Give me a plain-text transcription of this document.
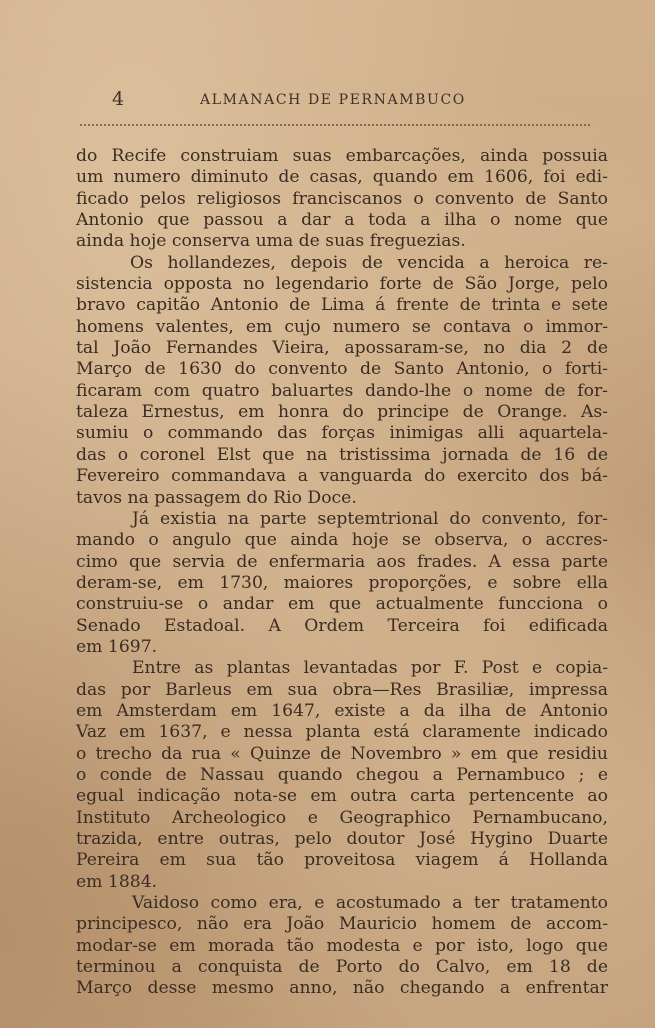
4	ALMANACH DE PERNAMBUCO
do Recife construiam suas embarcações, ainda possuia
um numero diminuto de casas, quando em 1606, foi edi-
ficado pelos religiosos franciscanos o convento de Santo
Antonio que passou a dar a toda a ilha o nome que
ainda hoje conserva uma de suas freguezias.
Os hollandezes, depois de vencida a heroica re-
sistencia opposta no legendario forte de São Jorge, pelo
bravo capitão Antonio de Lima á frente de trinta e sete
homens valentes, em cujo numero se contava o immor-
tal João Fernandes Vieira, apossaram-se, no dia 2 de
Março de 1630 do convento de Santo Antonio, o forti-
ficaram com quatro baluartes dando-lhe o nome de for-
taleza Ernestus, em honra do principe de Orange. As-
sumiu o commando das forças inimigas alli aquartela-
das o coronel Elst que na tristissima jornada de 16 de
Fevereiro commandava a vanguarda do exercito dos bá-
tavos na passagem do Rio Doce.
Já existia na parte septemtrional do convento, for-
mando o angulo que ainda hoje se observa, o accres-
cimo que servia de enfermaria aos frades. A essa parte
deram-se, em 1730, maiores proporções, e sobre ella
construiu-se o andar em que actualmente funcciona o
Senado Estadoal. A Ordem Terceira foi edificada
em 1697.
Entre as plantas levantadas por F. Post e copia-
das por Barleus em sua obra—Res Brasiliæ, impressa
em Amsterdam em 1647, existe a da ilha de Antonio
Vaz em 1637, e nessa planta está claramente indicado
o trecho da rua « Quinze de Novembro » em que residiu
o conde de Nassau quando chegou a Pernambuco ; e
egual indicação nota-se em outra carta pertencente ao
Instituto Archeologico e Geographico Pernambucano,
trazida, entre outras, pelo doutor José Hygino Duarte
Pereira em sua tão proveitosa viagem á Hollanda
em 1884.
Vaidoso como era, e acostumado a ter tratamento
principesco, não era João Mauricio homem de accom-
modar-se em morada tão modesta e por isto, logo que
terminou a conquista de Porto do Calvo, em 18 de
Março desse mesmo anno, não chegando a enfrentar
